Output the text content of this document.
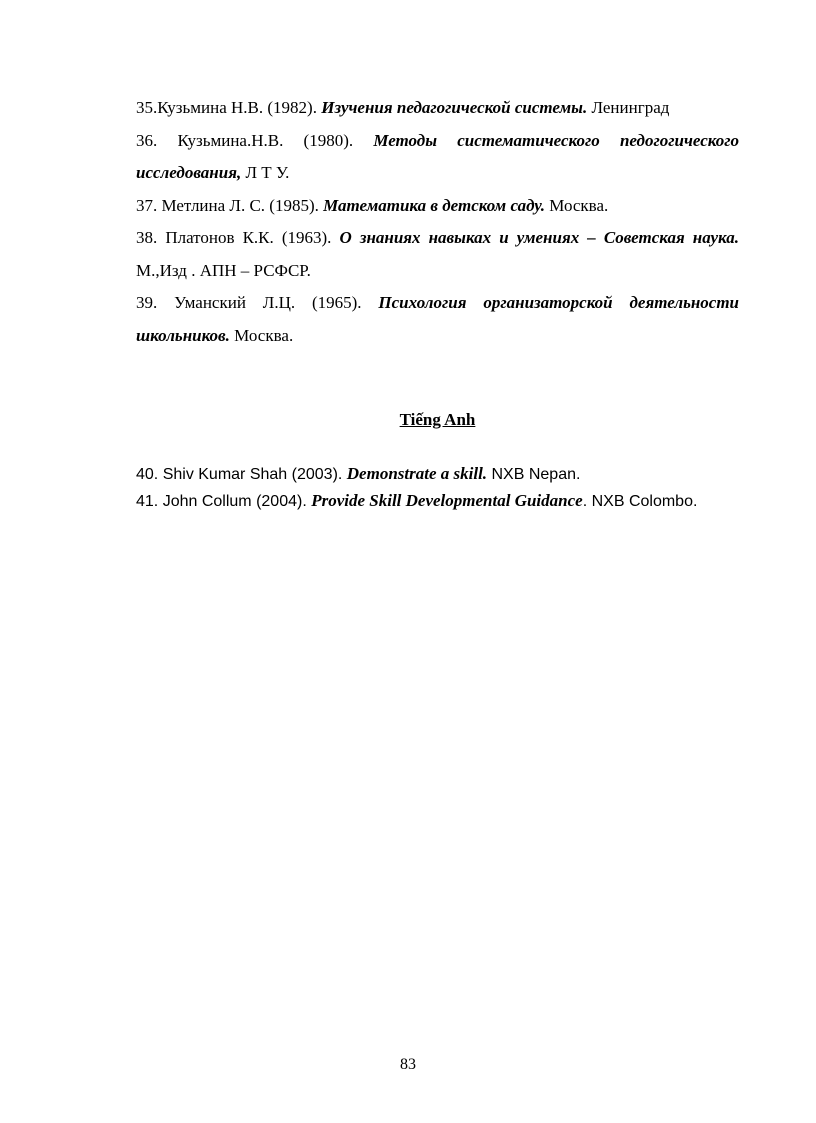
35.Кузьмина Н.В. (1982). Изучения педагогической системы. Ленинград

36. Кузьмина.Н.В. (1980). Методы систематического педогогического исследования, Л Т У.

37. Метлина Л. С. (1985). Математика в детском саду. Москва.

38. Платонов К.К. (1963). О знаниях навыках и умениях – Советская наука. М.,Изд . АПН – РСФСР.

39. Уманский Л.Ц. (1965). Психология организаторской деятельности школьников. Москва.

Tiếng Anh

40. Shiv Kumar Shah (2003). Demonstrate a skill. NXB Nepan.

41. John Collum (2004). Provide Skill Developmental Guidance. NXB Colombo.

83
